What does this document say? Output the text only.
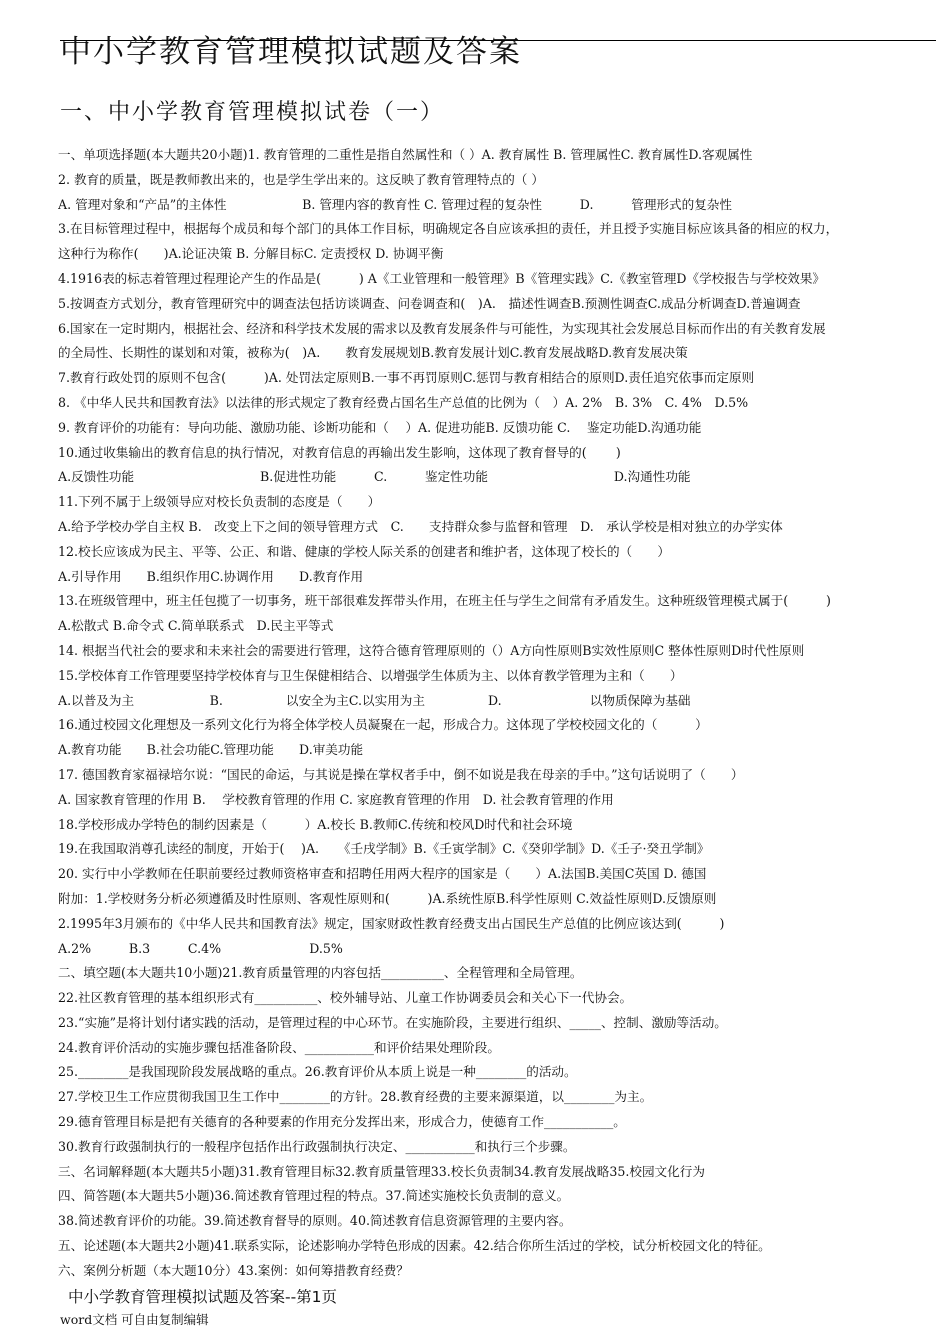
中小学教育管理模拟试题及答案
一、中小学教育管理模拟试卷（一）
一、单项选择题(本大题共20小题)1. 教育管理的二重性是指自然属性和（ ）A. 教育属性 B. 管理属性C. 教育属性D.客观属性
2. 教育的质量，既是教师教出来的，也是学生学出来的。这反映了教育管理特点的（ ）
A. 管理对象和“产品”的主体性　　　　　　B. 管理内容的教育性 C. 管理过程的复杂性　　　D.　　　管理形式的复杂性
3.在目标管理过程中，根据每个成员和每个部门的具体工作目标，明确规定各自应该承担的责任，并且授予实施目标应该具备的相应的权力，
这种行为称作(　　)A.论证决策 B. 分解目标C. 定责授权 D. 协调平衡
4.1916表的标志着管理过程理论产生的作品是(　　　) A《工业管理和一般管理》B《管理实践》C.《教室管理D《学校报告与学校效果》
5.按调查方式划分，教育管理研究中的调查法包括访谈调查、问卷调查和(　)A.　描述性调查B.预测性调查C.成品分析调查D.普遍调查
6.国家在一定时期内，根据社会、经济和科学技术发展的需求以及教育发展条件与可能性，为实现其社会发展总目标而作出的有关教育发展
的全局性、长期性的谋划和对策，被称为(　)A.　　教育发展规划B.教育发展计划C.教育发展战略D.教育发展决策
7.教育行政处罚的原则不包含(　　　)A. 处罚法定原则B.一事不再罚原则C.惩罚与教育相结合的原则D.责任追究依事而定原则
8. 《中华人民共和国教育法》以法律的形式规定了教育经费占国名生产总值的比例为（　）A. 2%　B. 3%　C. 4%　D.5%
9. 教育评价的功能有：导向功能、激励功能、诊断功能和（　 ）A. 促进功能B. 反馈功能 C.　 鉴定功能D.沟通功能
10.通过收集输出的教育信息的执行情况，对教育信息的再输出发生影响，这体现了教育督导的(　　 )
A.反馈性功能　　　　　　　　　　B.促进性功能　　　C.　　　鉴定性功能　　　　　　　　　　D.沟通性功能
11.下列不属于上级领导应对校长负责制的态度是（　　）
A.给予学校办学自主权 B.　改变上下之间的领导管理方式　C.　　支持群众参与监督和管理　D.　承认学校是相对独立的办学实体
12.校长应该成为民主、平等、公正、和谐、健康的学校人际关系的创建者和维护者，这体现了校长的（　　）
A.引导作用　　B.组织作用C.协调作用　　D.教育作用
13.在班级管理中，班主任包揽了一切事务，班干部很难发挥带头作用，在班主任与学生之间常有矛盾发生。这种班级管理模式属于(　　　)
A.松散式 B.命令式 C.简单联系式　D.民主平等式
14. 根据当代社会的要求和未来社会的需要进行管理，这符合德育管理原则的（）A方向性原则B实效性原则C 整体性原则D时代性原则
15.学校体育工作管理要坚持学校体育与卫生保健相结合、以增强学生体质为主、以体育教学管理为主和（　　）
A.以普及为主　　　　　　B.　　　　　以安全为主C.以实用为主　　　　　D.　　　　　　　以物质保障为基础
16.通过校园文化理想及一系列文化行为将全体学校人员凝聚在一起，形成合力。这体现了学校校园文化的（　　　）
A.教育功能　　B.社会功能C.管理功能　　D.审美功能
17. 德国教育家福禄培尔说：“国民的命运，与其说是操在掌权者手中，倒不如说是我在母亲的手中。”这句话说明了（　　）
A. 国家教育管理的作用 B.　 学校教育管理的作用 C. 家庭教育管理的作用　D. 社会教育管理的作用
18.学校形成办学特色的制约因素是（　　　）A.校长 B.教师C.传统和校风D时代和社会环境
19.在我国取消尊孔读经的制度，开始于(　 )A.　　《壬戌学制》B.《壬寅学制》C.《癸卯学制》D.《壬子·癸丑学制》
20. 实行中小学教师在任职前要经过教师资格审查和招聘任用两大程序的国家是（　　）A.法国B.美国C英国 D. 德国
附加：1.学校财务分析必须遵循及时性原则、客观性原则和(　　　)A.系统性原B.科学性原则 C.效益性原则D.反馈原则
2.1995年3月颁布的《中华人民共和国教育法》规定，国家财政性教育经费支出占国民生产总值的比例应该达到(　　　)
A.2%　　　B.3　　　C.4%　　　　　　　D.5%
二、填空题(本大题共10小题)21.教育质量管理的内容包括__________、全程管理和全局管理。
22.社区教育管理的基本组织形式有__________、校外辅导站、儿童工作协调委员会和关心下一代协会。
23.“实施”是将计划付诸实践的活动，是管理过程的中心环节。在实施阶段，主要进行组织、_____、控制、激励等活动。
24.教育评价活动的实施步骤包括准备阶段、___________和评价结果处理阶段。
25.________是我国现阶段发展战略的重点。26.教育评价从本质上说是一种________的活动。
27.学校卫生工作应贯彻我国卫生工作中________的方针。28.教育经费的主要来源渠道，以________为主。
29.德育管理目标是把有关德育的各种要素的作用充分发挥出来，形成合力，使德育工作___________。
30.教育行政强制执行的一般程序包括作出行政强制执行决定、___________和执行三个步骤。
三、名词解释题(本大题共5小题)31.教育管理目标32.教育质量管理33.校长负责制34.教育发展战略35.校园文化行为
四、简答题(本大题共5小题)36.简述教育管理过程的特点。37.简述实施校长负责制的意义。
38.简述教育评价的功能。39.简述教育督导的原则。40.简述教育信息资源管理的主要内容。
五、论述题(本大题共2小题)41.联系实际，论述影响办学特色形成的因素。42.结合你所生活过的学校，试分析校园文化的特征。
六、案例分析题（本大题10分）43.案例：如何筹措教育经费？
中小学教育管理模拟试题及答案--第1页
word文档 可自由复制编辑
